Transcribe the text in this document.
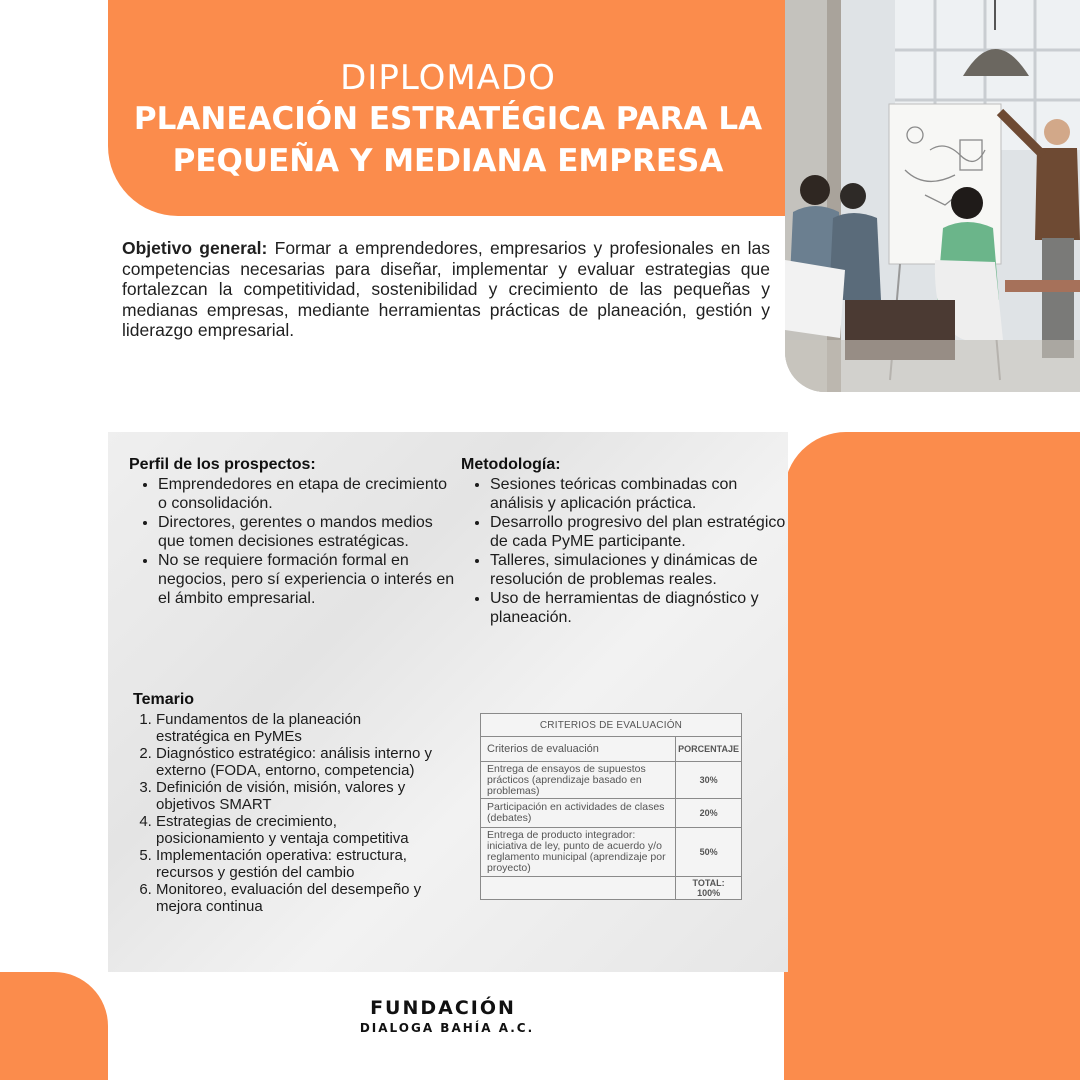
DIPLOMADO
PLANEACIÓN ESTRATÉGICA PARA LA
PEQUEÑA Y MEDIANA EMPRESA
Objetivo general: Formar a emprendedores, empresarios y profesionales en las competencias necesarias para diseñar, implementar y evaluar estrategias que fortalezcan la competitividad, sostenibilidad y crecimiento de las pequeñas y medianas empresas, mediante herramientas prácticas de planeación, gestión y liderazgo empresarial.
Perfil de los prospectos:
• Emprendedores en etapa de crecimiento o consolidación.
• Directores, gerentes o mandos medios que tomen decisiones estratégicas.
• No se requiere formación formal en negocios, pero sí experiencia o interés en el ámbito empresarial.
Metodología:
• Sesiones teóricas combinadas con análisis y aplicación práctica.
• Desarrollo progresivo del plan estratégico de cada PyME participante.
• Talleres, simulaciones y dinámicas de resolución de problemas reales.
• Uso de herramientas de diagnóstico y planeación.
Temario
1. Fundamentos de la planeación estratégica en PyMEs
2. Diagnóstico estratégico: análisis interno y externo (FODA, entorno, competencia)
3. Definición de visión, misión, valores y objetivos SMART
4. Estrategias de crecimiento, posicionamiento y ventaja competitiva
5. Implementación operativa: estructura, recursos y gestión del cambio
6. Monitoreo, evaluación del desempeño y mejora continua
CRITERIOS DE EVALUACIÓN	
Criterios de evaluación	PORCENTAJE
Entrega de ensayos de supuestos prácticos (aprendizaje basado en problemas)	30%
Participación en actividades de clases (debates)	20%
Entrega de producto integrador: iniciativa de ley, punto de acuerdo y/o reglamento municipal (aprendizaje por proyecto)	50%
	TOTAL: 100%
FUNDACIÓN
DIALOGA BAHÍA A.C.
